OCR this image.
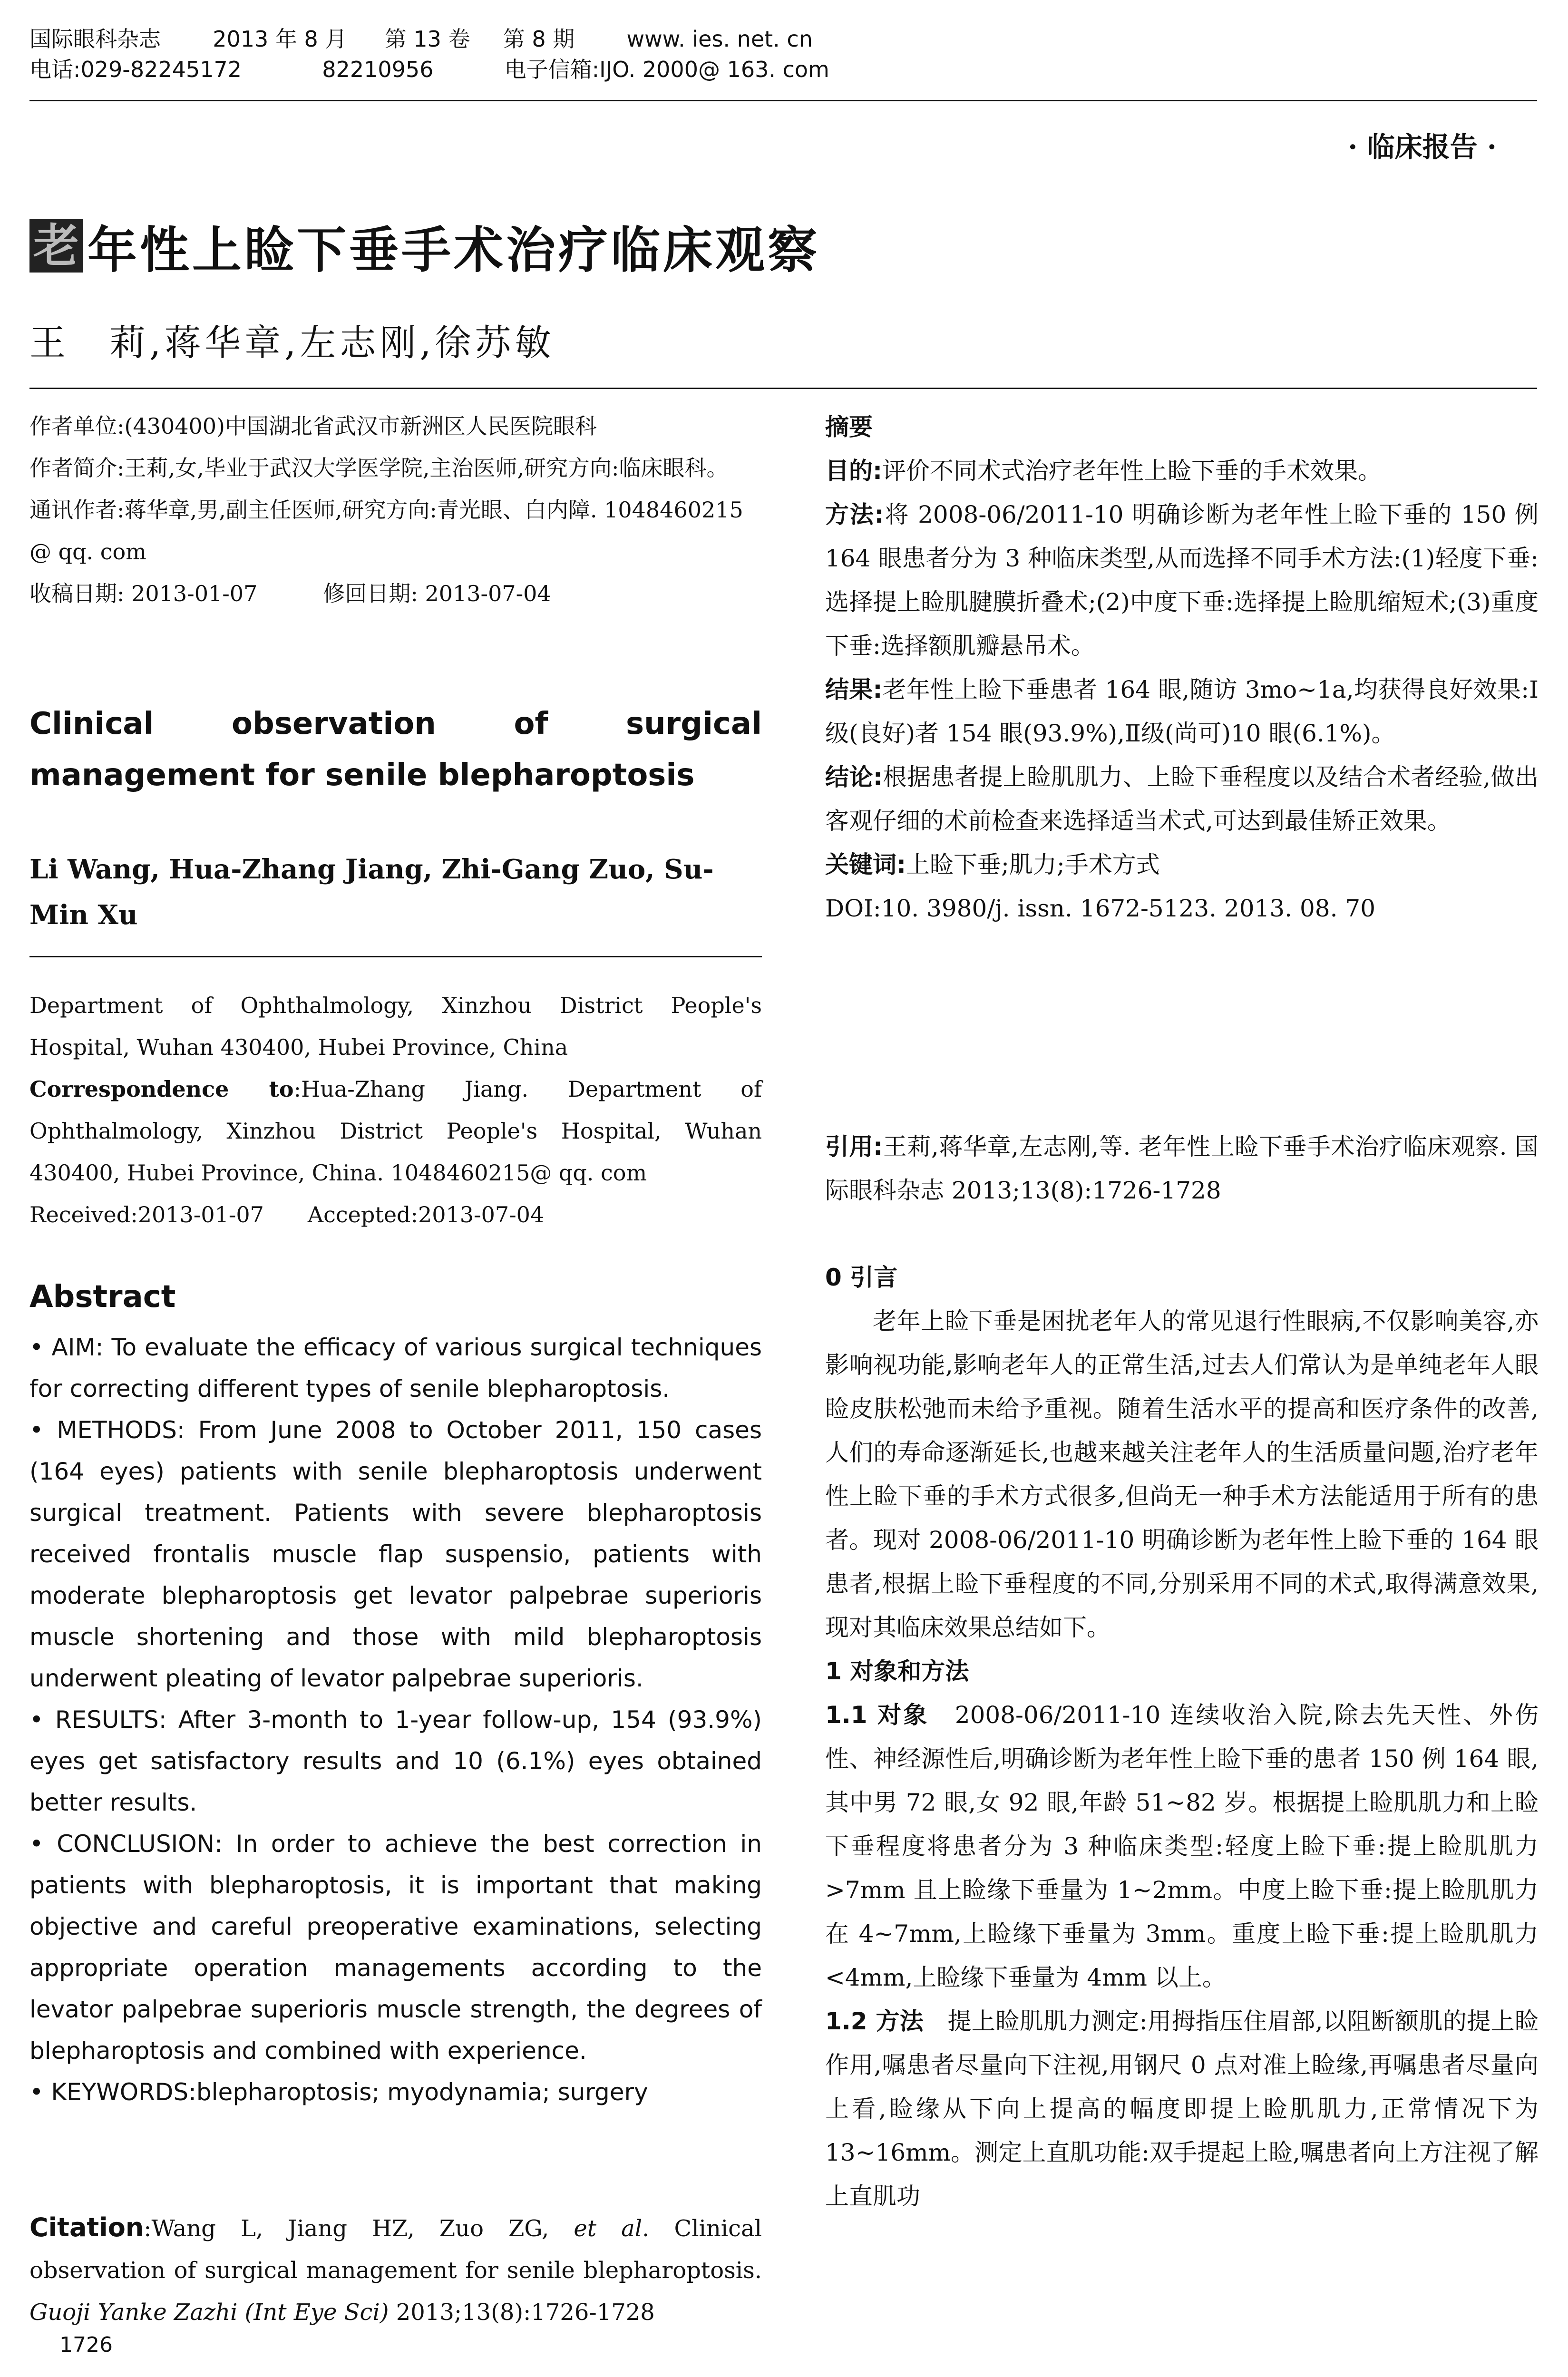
国际眼科杂志 2013 年 8 月 第 13 卷 第 8 期 www. ies. net. cn
电话:029-82245172	82210956	电子信箱:IJO. 2000@ 163. com
· 临床报告 ·
老 年性上睑下垂手术治疗临床观察
王　莉,蒋华章,左志刚,徐苏敏

作者单位:(430400)中国湖北省武汉市新洲区人民医院眼科

作者简介:王莉,女,毕业于武汉大学医学院,主治医师,研究方向:临床眼科。

通讯作者:蒋华章,男,副主任医师,研究方向:青光眼、白内障. 1048460215 @ qq. com

收稿日期: 2013-01-07　　　修回日期: 2013-07-04

Clinical observation of surgical
management for senile blepharoptosis
Li Wang, Hua-Zhang Jiang, Zhi-Gang Zuo, Su-Min Xu

Department of Ophthalmology, Xinzhou District People's Hospital, Wuhan 430400, Hubei Province, China

Correspondence to:Hua-Zhang Jiang. Department of Ophthalmology, Xinzhou District People's Hospital, Wuhan 430400, Hubei Province, China. 1048460215@ qq. com

Received:2013-01-07　　Accepted:2013-07-04

Abstract

• AIM: To evaluate the efficacy of various surgical techniques for correcting different types of senile blepharoptosis.

• METHODS: From June 2008 to October 2011, 150 cases (164 eyes) patients with senile blepharoptosis underwent surgical treatment. Patients with severe blepharoptosis received frontalis muscle flap suspensio, patients with moderate blepharoptosis get levator palpebrae superioris muscle shortening and those with mild blepharoptosis underwent pleating of levator palpebrae superioris.

• RESULTS: After 3-month to 1-year follow-up, 154 (93.9%) eyes get satisfactory results and 10 (6.1%) eyes obtained better results.

• CONCLUSION: In order to achieve the best correction in patients with blepharoptosis, it is important that making objective and careful preoperative examinations, selecting appropriate operation managements according to the levator palpebrae superioris muscle strength, the degrees of blepharoptosis and combined with experience.

• KEYWORDS:blepharoptosis; myodynamia; surgery

Citation:Wang L, Jiang HZ, Zuo ZG, et al. Clinical observation of surgical management for senile blepharoptosis. Guoji Yanke Zazhi (Int Eye Sci) 2013;13(8):1726-1728
1726

摘要

目的:评价不同术式治疗老年性上睑下垂的手术效果。

方法:将 2008-06/2011-10 明确诊断为老年性上睑下垂的 150 例 164 眼患者分为 3 种临床类型,从而选择不同手术方法:(1)轻度下垂:选择提上睑肌腱膜折叠术;(2)中度下垂:选择提上睑肌缩短术;(3)重度下垂:选择额肌瓣悬吊术。

结果:老年性上睑下垂患者 164 眼,随访 3mo~1a,均获得良好效果:Ⅰ级(良好)者 154 眼(93.9%),Ⅱ级(尚可)10 眼(6.1%)。

结论:根据患者提上睑肌肌力、上睑下垂程度以及结合术者经验,做出客观仔细的术前检查来选择适当术式,可达到最佳矫正效果。

关键词:上睑下垂;肌力;手术方式

DOI:10. 3980/j. issn. 1672-5123. 2013. 08. 70

引用:王莉,蒋华章,左志刚,等. 老年性上睑下垂手术治疗临床观察. 国际眼科杂志 2013;13(8):1726-1728

0 引言

老年上睑下垂是困扰老年人的常见退行性眼病,不仅影响美容,亦影响视功能,影响老年人的正常生活,过去人们常认为是单纯老年人眼睑皮肤松弛而未给予重视。随着生活水平的提高和医疗条件的改善,人们的寿命逐渐延长,也越来越关注老年人的生活质量问题,治疗老年性上睑下垂的手术方式很多,但尚无一种手术方法能适用于所有的患者。现对 2008-06/2011-10 明确诊断为老年性上睑下垂的 164 眼患者,根据上睑下垂程度的不同,分别采用不同的术式,取得满意效果,现对其临床效果总结如下。

1 对象和方法

1.1 对象　2008-06/2011-10 连续收治入院,除去先天性、外伤性、神经源性后,明确诊断为老年性上睑下垂的患者 150 例 164 眼,其中男 72 眼,女 92 眼,年龄 51~82 岁。根据提上睑肌肌力和上睑下垂程度将患者分为 3 种临床类型:轻度上睑下垂:提上睑肌肌力>7mm 且上睑缘下垂量为 1~2mm。中度上睑下垂:提上睑肌肌力在 4~7mm,上睑缘下垂量为 3mm。重度上睑下垂:提上睑肌肌力<4mm,上睑缘下垂量为 4mm 以上。

1.2 方法　提上睑肌肌力测定:用拇指压住眉部,以阻断额肌的提上睑作用,嘱患者尽量向下注视,用钢尺 0 点对准上睑缘,再嘱患者尽量向上看,睑缘从下向上提高的幅度即提上睑肌肌力,正常情况下为 13~16mm。测定上直肌功能:双手提起上睑,嘱患者向上方注视了解上直肌功
